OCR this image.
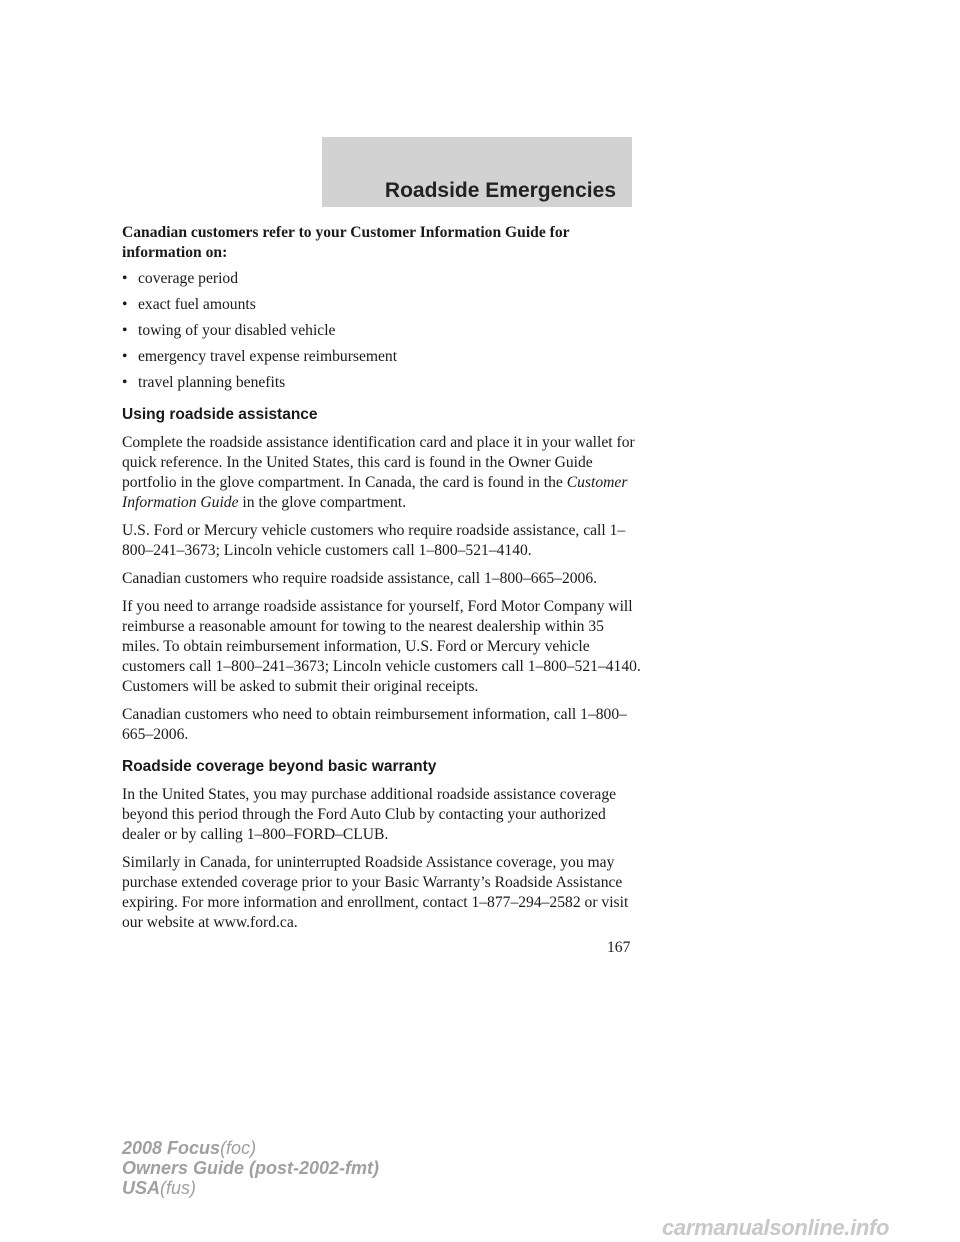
Roadside Emergencies

Canadian customers refer to your Customer Information Guide for information on:

• coverage period
• exact fuel amounts
• towing of your disabled vehicle
• emergency travel expense reimbursement
• travel planning benefits
Using roadside assistance

Complete the roadside assistance identification card and place it in your wallet for quick reference. In the United States, this card is found in the Owner Guide portfolio in the glove compartment. In Canada, the card is found in the Customer Information Guide in the glove compartment.

U.S. Ford or Mercury vehicle customers who require roadside assistance, call 1–800–241–3673; Lincoln vehicle customers call 1–800–521–4140.

Canadian customers who require roadside assistance, call 1–800–665–2006.

If you need to arrange roadside assistance for yourself, Ford Motor Company will reimburse a reasonable amount for towing to the nearest dealership within 35 miles. To obtain reimbursement information, U.S. Ford or Mercury vehicle customers call 1–800–241–3673; Lincoln vehicle customers call 1–800–521–4140. Customers will be asked to submit their original receipts.

Canadian customers who need to obtain reimbursement information, call 1–800–665–2006.

Roadside coverage beyond basic warranty

In the United States, you may purchase additional roadside assistance coverage beyond this period through the Ford Auto Club by contacting your authorized dealer or by calling 1–800–FORD–CLUB.

Similarly in Canada, for uninterrupted Roadside Assistance coverage, you may purchase extended coverage prior to your Basic Warranty’s Roadside Assistance expiring. For more information and enrollment, contact 1–877–294–2582 or visit our website at www.ford.ca.

167
2008 Focus(foc)
Owners Guide (post-2002-fmt)
USA(fus)
carmanualsonline.info
